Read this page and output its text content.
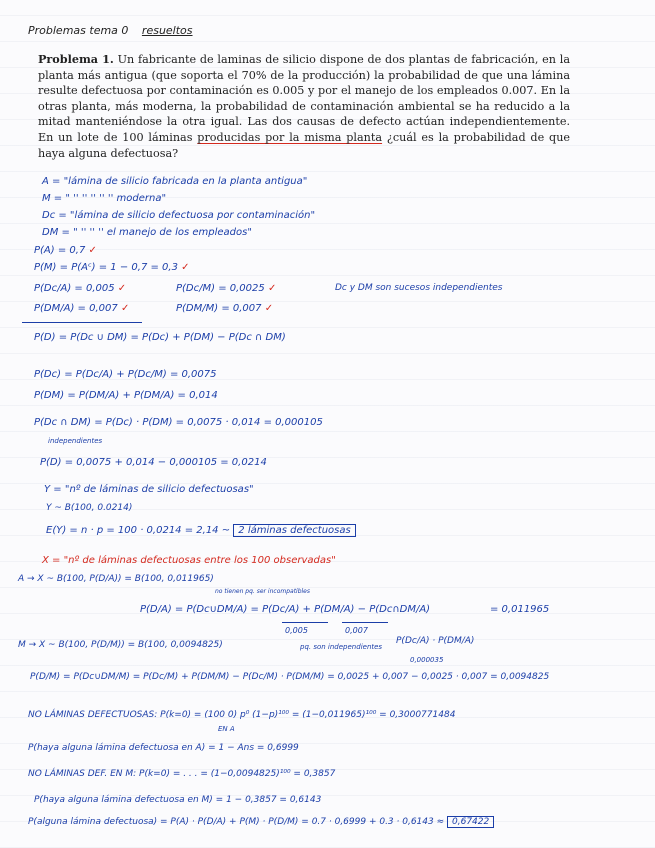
Problemas tema 0 resueltos

Problema 1. Un fabricante de laminas de silicio dispone de dos plantas de fabricación, en la planta más antigua (que soporta el 70% de la producción) la probabilidad de que una lámina resulte defectuosa por contaminación es 0.005 y por el manejo de los empleados 0.007. En la otras planta, más moderna, la probabilidad de contaminación ambiental se ha reducido a la mitad manteniéndose la otra igual. Las dos causas de defecto actúan independientemente. En un lote de 100 láminas producidas por la misma planta ¿cuál es la probabilidad de que haya alguna defectuosa?

A = "lámina de silicio fabricada en la planta antigua"
M = " '' '' '' '' '' moderna"
Dc = "lámina de silicio defectuosa por contaminación"
DM = " '' '' '' el manejo de los empleados"
P(A) = 0,7 ✓
P(M) = P(Aᶜ) = 1 − 0,7 = 0,3 ✓
P(Dc/A) = 0,005 ✓	P(Dc/M) = 0,0025 ✓	Dc y DM son sucesos independientes
P(DM/A) = 0,007 ✓	P(DM/M) = 0,007 ✓
P(D) = P(Dc ∪ DM) = P(Dc) + P(DM) − P(Dc ∩ DM)
P(Dc) = P(Dc/A) + P(Dc/M) = 0,0075
P(DM) = P(DM/A) + P(DM/A) = 0,014
P(Dc ∩ DM) = P(Dc) · P(DM) = 0,0075 · 0,014 = 0,000105
independientes
P(D) = 0,0075 + 0,014 − 0,000105 = 0,0214
Y = "nº de láminas de silicio defectuosas"
Y ~ B(100, 0.0214)
E(Y) = n · p = 100 · 0,0214 = 2,14 ~ 2 láminas defectuosas
X = "nº de láminas defectuosas entre los 100 observadas"
A → X ~ B(100, P(D/A)) = B(100, 0,011965)
no tienen pq. ser incompatibles
P(D/A) = P(Dc∪DM/A) = P(Dc/A) + P(DM/A) − P(Dc∩DM/A)	= 0,011965
0,005	0,007
M → X ~ B(100, P(D/M)) = B(100, 0,0094825)	pq. son independientes
P(Dc/A) · P(DM/A)
0,000035
P(D/M) = P(Dc∪DM/M) = P(Dc/M) + P(DM/M) − P(Dc/M) · P(DM/M) = 0,0025 + 0,007 − 0,0025 · 0,007 = 0,0094825
NO LÁMINAS DEFECTUOSAS: P(k=0) = (100 0) p⁰ (1−p)¹⁰⁰ = (1−0,011965)¹⁰⁰ = 0,3000771484
EN A
P(haya alguna lámina defectuosa en A) = 1 − Ans = 0,6999
NO LÁMINAS DEF. EN M: P(k=0) = . . . = (1−0,0094825)¹⁰⁰ = 0,3857
P(haya alguna lámina defectuosa en M) = 1 − 0,3857 = 0,6143
P(alguna lámina defectuosa) = P(A) · P(D/A) + P(M) · P(D/M) = 0.7 · 0,6999 + 0.3 · 0,6143 ≈ 0,67422
